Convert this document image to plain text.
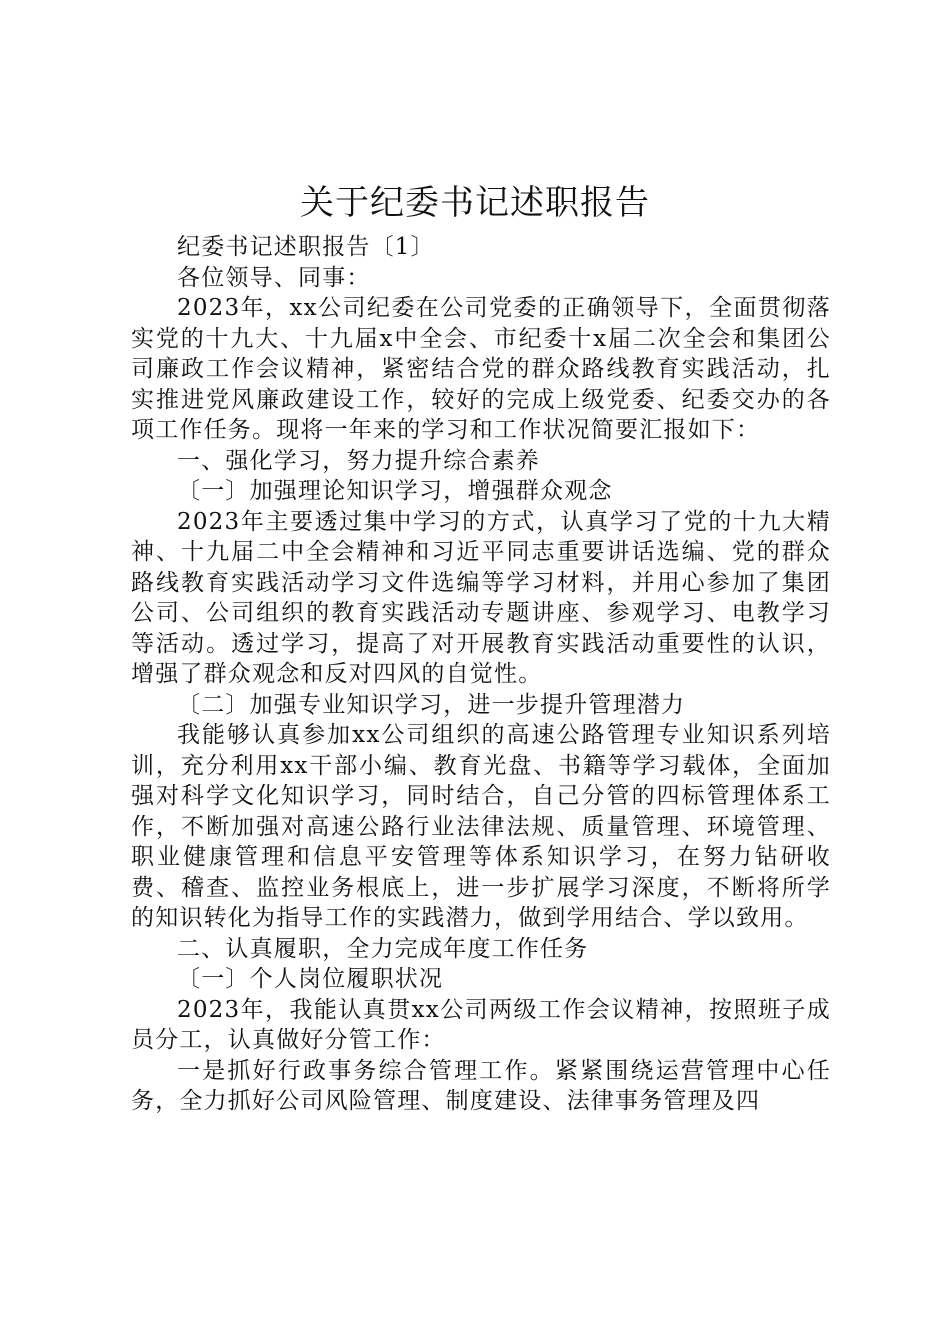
关于纪委书记述职报告

纪委书记述职报告〔1〕

各位领导、同事：

2023年，xx公司纪委在公司党委的正确领导下，全面贯彻落实党的十九大、十九届x中全会、市纪委十x届二次全会和集团公司廉政工作会议精神，紧密结合党的群众路线教育实践活动，扎实推进党风廉政建设工作，较好的完成上级党委、纪委交办的各项工作任务。现将一年来的学习和工作状况简要汇报如下：

一、强化学习，努力提升综合素养

〔一〕加强理论知识学习，增强群众观念

2023年主要透过集中学习的方式，认真学习了党的十九大精神、十九届二中全会精神和习近平同志重要讲话选编、党的群众路线教育实践活动学习文件选编等学习材料，并用心参加了集团公司、公司组织的教育实践活动专题讲座、参观学习、电教学习等活动。透过学习，提高了对开展教育实践活动重要性的认识，增强了群众观念和反对四风的自觉性。

〔二〕加强专业知识学习，进一步提升管理潜力

我能够认真参加xx公司组织的高速公路管理专业知识系列培训，充分利用xx干部小编、教育光盘、书籍等学习载体，全面加强对科学文化知识学习，同时结合，自己分管的四标管理体系工作，不断加强对高速公路行业法律法规、质量管理、环境管理、职业健康管理和信息平安管理等体系知识学习，在努力钻研收费、稽查、监控业务根底上，进一步扩展学习深度，不断将所学的知识转化为指导工作的实践潜力，做到学用结合、学以致用。

二、认真履职，全力完成年度工作任务

〔一〕个人岗位履职状况

2023年，我能认真贯xx公司两级工作会议精神，按照班子成员分工，认真做好分管工作：

一是抓好行政事务综合管理工作。紧紧围绕运营管理中心任务，全力抓好公司风险管理、制度建设、法律事务管理及四
